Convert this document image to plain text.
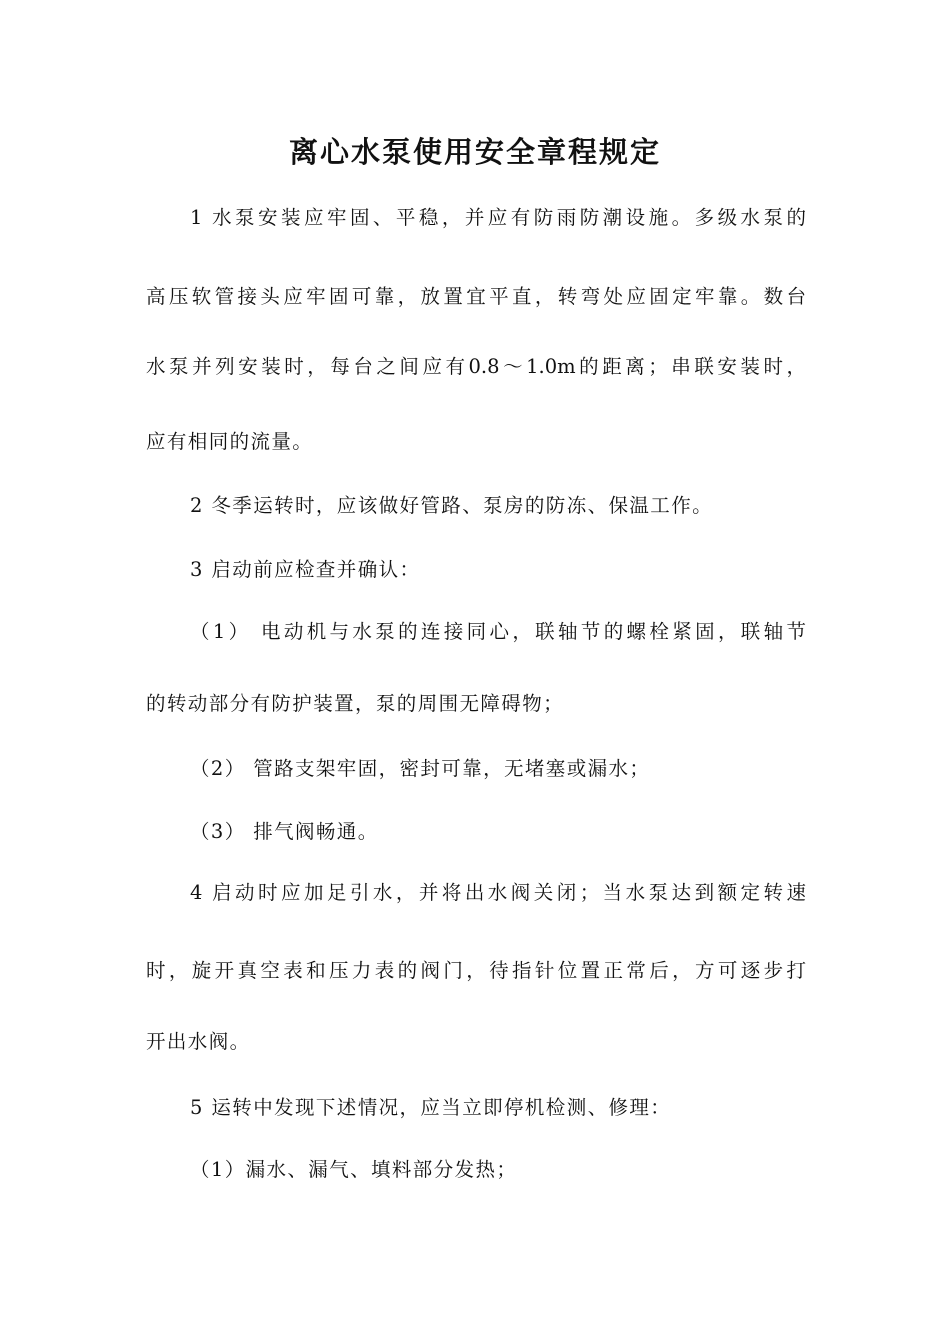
离心水泵使用安全章程规定
1 水泵安装应牢固、平稳，并应有防雨防潮设施。多级水泵的
高压软管接头应牢固可靠，放置宜平直，转弯处应固定牢靠。数台
水泵并列安装时，每台之间应有0.8～1.0m的距离；串联安装时，
应有相同的流量。
2 冬季运转时，应该做好管路、泵房的防冻、保温工作。
3 启动前应检查并确认：
（1） 电动机与水泵的连接同心，联轴节的螺栓紧固，联轴节
的转动部分有防护装置，泵的周围无障碍物；
（2） 管路支架牢固，密封可靠，无堵塞或漏水；
（3） 排气阀畅通。
4 启动时应加足引水，并将出水阀关闭；当水泵达到额定转速
时，旋开真空表和压力表的阀门，待指针位置正常后，方可逐步打
开出水阀。
5 运转中发现下述情况，应当立即停机检测、修理：
（1）漏水、漏气、填料部分发热；
